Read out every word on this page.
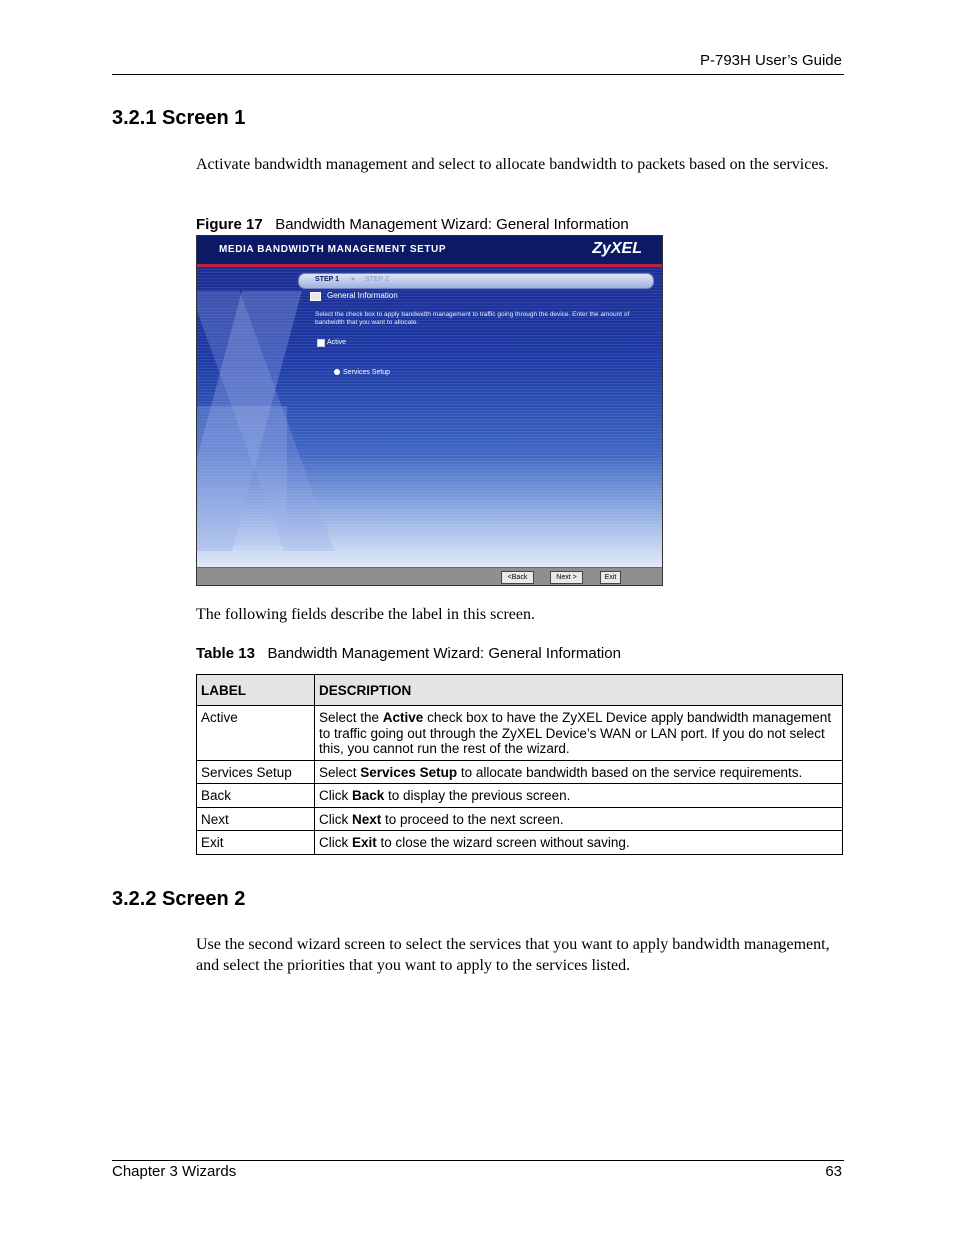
P-793H User’s Guide
3.2.1 Screen 1
Activate bandwidth management and select to allocate bandwidth to packets based on the services.
Figure 17 Bandwidth Management Wizard: General Information
MEDIA BANDWIDTH MANAGEMENT SETUP	ZyXEL
STEP 1 » STEP 2
General Information
Select the check box to apply bandwidth management to traffic going through the device. Enter the amount of bandwidth that you want to allocate.
Active
Services Setup
<Back	Next >	Exit
The following fields describe the label in this screen.
Table 13 Bandwidth Management Wizard: General Information
LABEL	DESCRIPTION
Active	Select the Active check box to have the ZyXEL Device apply bandwidth management to traffic going out through the ZyXEL Device’s WAN or LAN port. If you do not select this, you cannot run the rest of the wizard.
Services Setup	Select Services Setup to allocate bandwidth based on the service requirements.
Back	Click Back to display the previous screen.
Next	Click Next to proceed to the next screen.
Exit	Click Exit to close the wizard screen without saving.
3.2.2 Screen 2
Use the second wizard screen to select the services that you want to apply bandwidth management, and select the priorities that you want to apply to the services listed.
Chapter 3 Wizards	63
